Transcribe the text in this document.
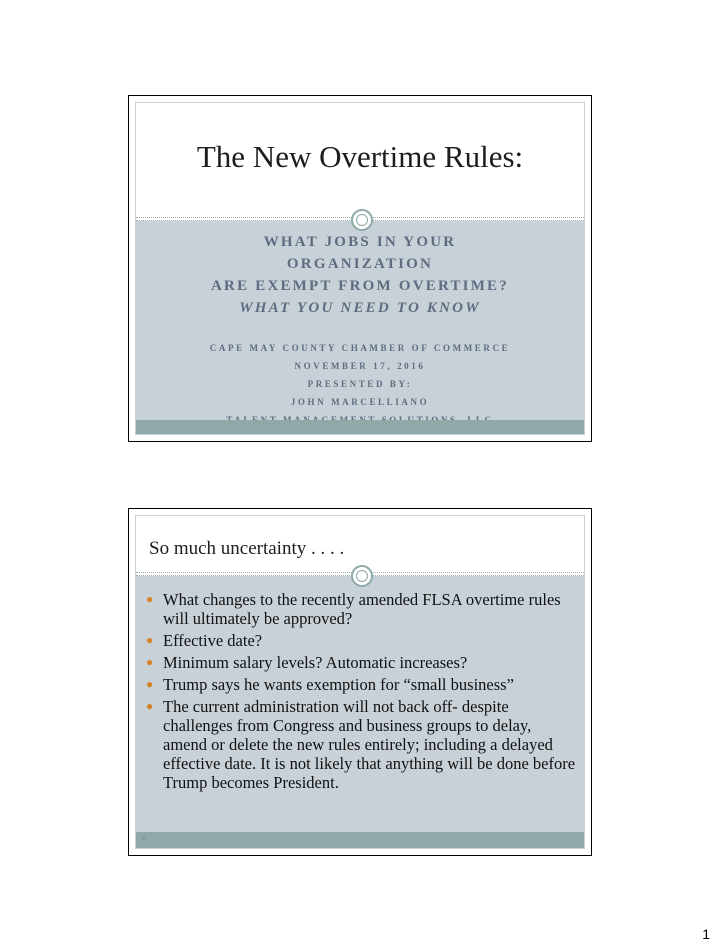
The New Overtime Rules:
WHAT JOBS IN YOUR
ORGANIZATION
ARE EXEMPT FROM OVERTIME?
WHAT YOU NEED TO KNOW
CAPE MAY COUNTY CHAMBER OF COMMERCE
NOVEMBER 17, 2016
PRESENTED BY:
JOHN MARCELLIANO
So much uncertainty . . . .
● What changes to the recently amended FLSA overtime rules will ultimately be approved?
● Effective date?
● Minimum salary levels? Automatic increases?
● Trump says he wants exemption for “small business”
● The current administration will not back off- despite challenges from Congress and business groups to delay, amend or delete the new rules entirely; including a delayed effective date. It is not likely that anything will be done before Trump becomes President.
2
1
